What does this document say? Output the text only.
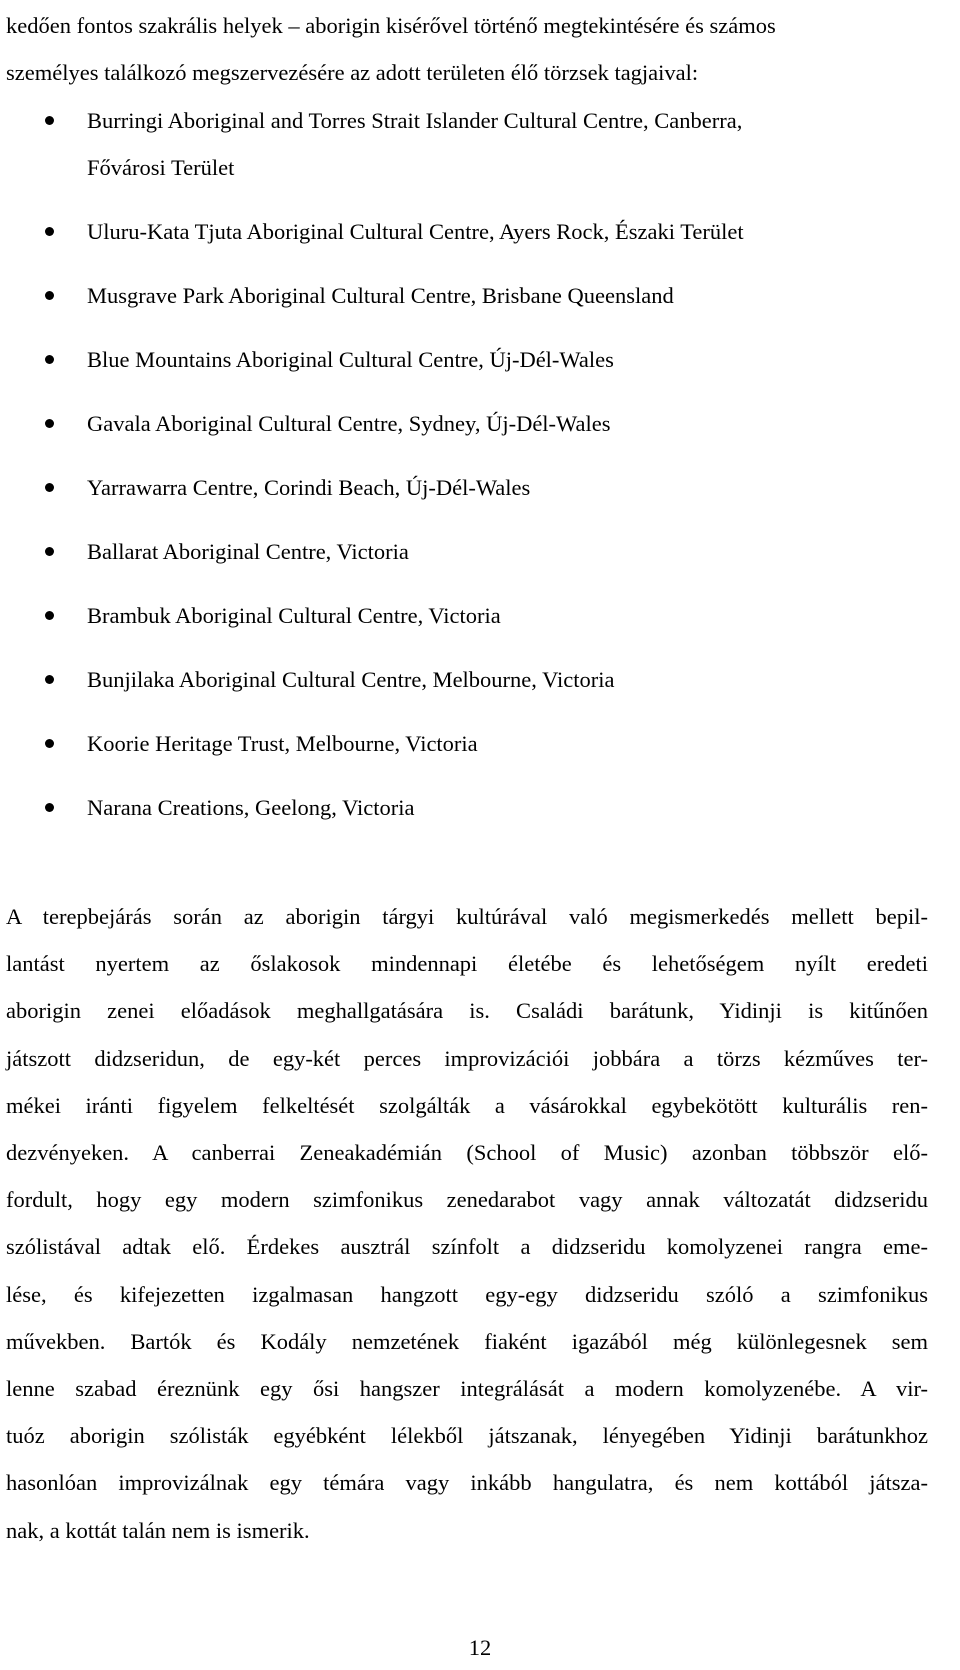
kedően fontos szakrális helyek – aborigin kisérővel történő megtekintésére és számos
személyes találkozó megszervezésére az adott területen élő törzsek tagjaival:
Burringi Aboriginal and Torres Strait Islander Cultural Centre, Canberra,
Fővárosi Terület
Uluru-Kata Tjuta Aboriginal Cultural Centre, Ayers Rock, Északi Terület
Musgrave Park Aboriginal Cultural Centre, Brisbane Queensland
Blue Mountains Aboriginal Cultural Centre, Új-Dél-Wales
Gavala Aboriginal Cultural Centre, Sydney, Új-Dél-Wales
Yarrawarra Centre, Corindi Beach, Új-Dél-Wales
Ballarat Aboriginal Centre, Victoria
Brambuk Aboriginal Cultural Centre, Victoria
Bunjilaka Aboriginal Cultural Centre, Melbourne, Victoria
Koorie Heritage Trust, Melbourne, Victoria
Narana Creations, Geelong, Victoria
A terepbejárás során az aborigin tárgyi kultúrával való megismerkedés mellett bepil-
lantást nyertem az őslakosok mindennapi életébe és lehetőségem nyílt eredeti
aborigin zenei előadások meghallgatására is. Családi barátunk, Yidinji is kitűnően
játszott didzseridun, de egy-két perces improvizációi jobbára a törzs kézműves ter-
mékei iránti figyelem felkeltését szolgálták a vásárokkal egybekötött kulturális ren-
dezvényeken. A canberrai Zeneakadémián (School of Music) azonban többször elő-
fordult, hogy egy modern szimfonikus zenedarabot vagy annak változatát didzseridu
szólistával adtak elő. Érdekes ausztrál színfolt a didzseridu komolyzenei rangra eme-
lése, és kifejezetten izgalmasan hangzott egy-egy didzseridu szóló a szimfonikus
művekben. Bartók és Kodály nemzetének fiaként igazából még különlegesnek sem
lenne szabad éreznünk egy ősi hangszer integrálását a modern komolyzenébe. A vir-
tuóz aborigin szólisták egyébként lélekből játszanak, lényegében Yidinji barátunkhoz
hasonlóan improvizálnak egy témára vagy inkább hangulatra, és nem kottából játsza-
nak, a kottát talán nem is ismerik.
12
